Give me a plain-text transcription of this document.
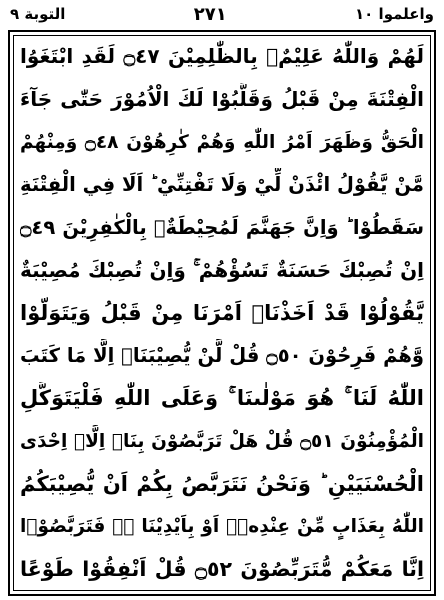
التوبة ٩	٢٧١	واعلموا ١٠
لَهُمْ وَاللّٰهُ عَلِيْمٌۢ بِالظّٰلِمِيْنَ ۝٤٧ لَقَدِ ابْتَغَوُا
الْفِتْنَةَ مِنْ قَبْلُ وَقَلَّبُوْا لَكَ الْاُمُوْرَ حَتّٰى جَآءَ
الْحَقُّ وَظَهَرَ اَمْرُ اللّٰهِ وَهُمْ كٰرِهُوْنَ ۝٤٨ وَمِنْهُمْ
مَّنْ يَّقُوْلُ ائْذَنْ لِّيْ وَلَا تَفْتِنِّيْ ؕ اَلَا فِي الْفِتْنَةِ
سَقَطُوْا ؕ وَاِنَّ جَهَنَّمَ لَمُحِيْطَةٌۢ بِالْكٰفِرِيْنَ ۝٤٩
اِنْ تُصِبْكَ حَسَنَةٌ تَسُؤْهُمْ ۚ وَاِنْ تُصِبْكَ مُصِيْبَةٌ
يَّقُوْلُوْا قَدْ اَخَذْنَاۤ اَمْرَنَا مِنْ قَبْلُ وَيَتَوَلَّوْا
وَّهُمْ فَرِحُوْنَ ۝٥٠ قُلْ لَّنْ يُّصِيْبَنَاۤ اِلَّا مَا كَتَبَ
اللّٰهُ لَنَا ۚ هُوَ مَوْلٰىنَا ۚ وَعَلَى اللّٰهِ فَلْيَتَوَكَّلِ
الْمُؤْمِنُوْنَ ۝٥١ قُلْ هَلْ تَرَبَّصُوْنَ بِنَاۤ اِلَّاۤ اِحْدَى
الْحُسْنَيَيْنِ ؕ وَنَحْنُ نَتَرَبَّصُ بِكُمْ اَنْ يُّصِيْبَكُمُ
اللّٰهُ بِعَذَابٍ مِّنْ عِنْدِهٖۤ اَوْ بِاَيْدِيْنَا ۖۚ فَتَرَبَّصُوْۤا
اِنَّا مَعَكُمْ مُّتَرَبِّصُوْنَ ۝٥٢ قُلْ اَنْفِقُوْا طَوْعًا
